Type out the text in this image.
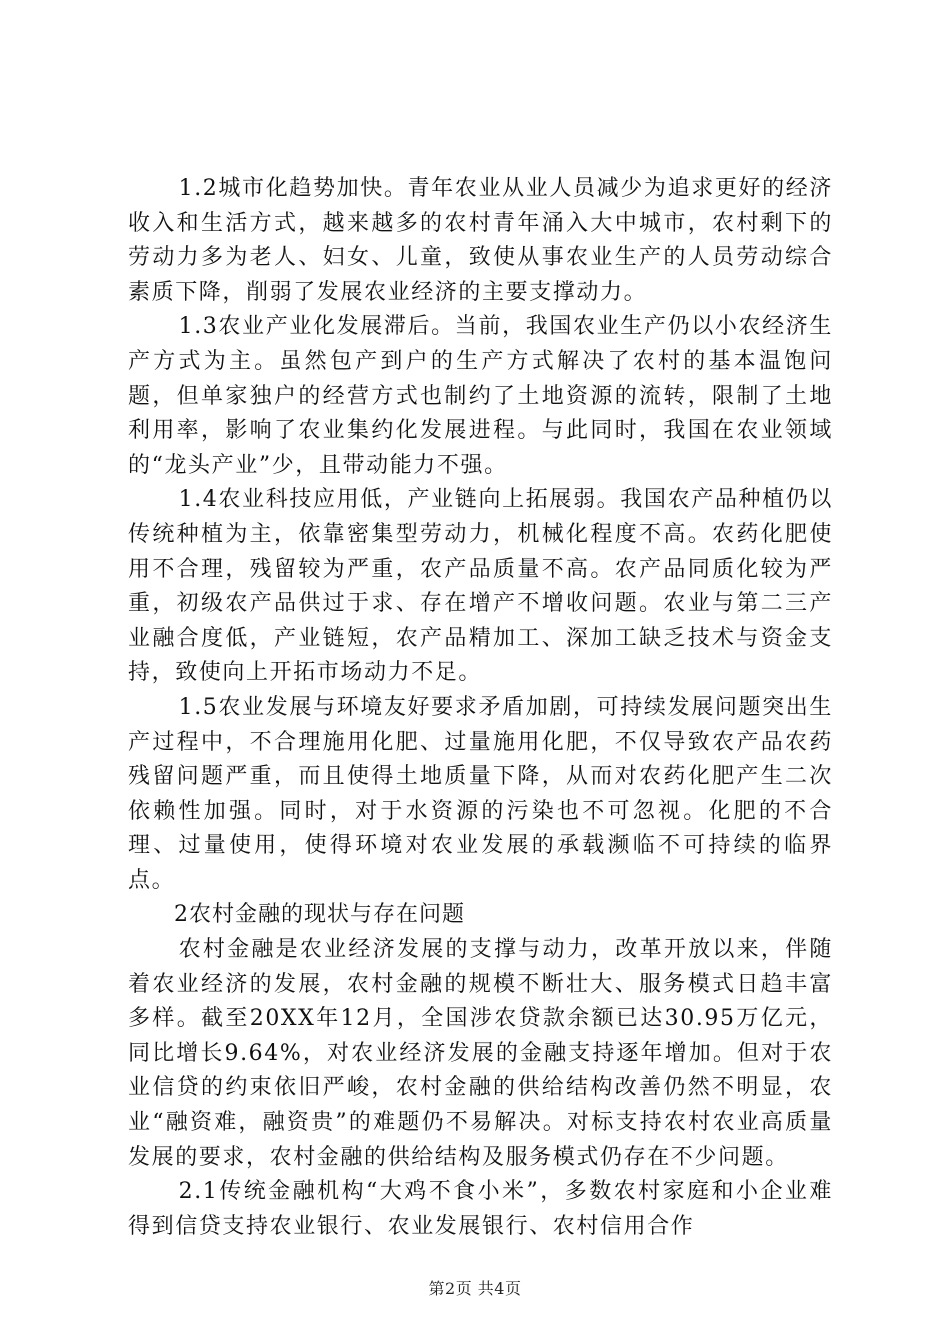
1.2城市化趋势加快。青年农业从业人员减少为追求更好的经济收入和生活方式，越来越多的农村青年涌入大中城市，农村剩下的劳动力多为老人、妇女、儿童，致使从事农业生产的人员劳动综合素质下降，削弱了发展农业经济的主要支撑动力。

1.3农业产业化发展滞后。当前，我国农业生产仍以小农经济生产方式为主。虽然包产到户的生产方式解决了农村的基本温饱问题，但单家独户的经营方式也制约了土地资源的流转，限制了土地利用率，影响了农业集约化发展进程。与此同时，我国在农业领域的“龙头产业”少，且带动能力不强。

1.4农业科技应用低，产业链向上拓展弱。我国农产品种植仍以传统种植为主，依靠密集型劳动力，机械化程度不高。农药化肥使用不合理，残留较为严重，农产品质量不高。农产品同质化较为严重，初级农产品供过于求、存在增产不增收问题。农业与第二三产业融合度低，产业链短，农产品精加工、深加工缺乏技术与资金支持，致使向上开拓市场动力不足。

1.5农业发展与环境友好要求矛盾加剧，可持续发展问题突出生产过程中，不合理施用化肥、过量施用化肥，不仅导致农产品农药残留问题严重，而且使得土地质量下降，从而对农药化肥产生二次依赖性加强。同时，对于水资源的污染也不可忽视。化肥的不合理、过量使用，使得环境对农业发展的承载濒临不可持续的临界点。

2农村金融的现状与存在问题

农村金融是农业经济发展的支撑与动力，改革开放以来，伴随着农业经济的发展，农村金融的规模不断壮大、服务模式日趋丰富多样。截至20XX年12月，全国涉农贷款余额已达30.95万亿元，同比增长9.64%，对农业经济发展的金融支持逐年增加。但对于农业信贷的约束依旧严峻，农村金融的供给结构改善仍然不明显，农业“融资难，融资贵”的难题仍不易解决。对标支持农村农业高质量发展的要求，农村金融的供给结构及服务模式仍存在不少问题。

2.1传统金融机构“大鸡不食小米”，多数农村家庭和小企业难得到信贷支持农业银行、农业发展银行、农村信用合作

第2页 共4页
